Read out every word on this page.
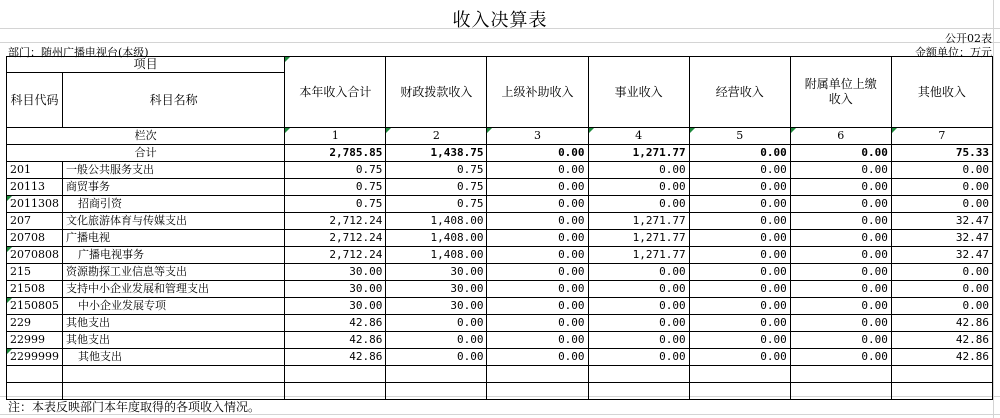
收入决算表
公开02表
部门：随州广播电视台(本级)	金额单位：万元
项目		本年收入合计	财政拨款收入	上级补助收入	事业收入	经营收入	附属单位上缴收入	其他收入
科目代码	科目名称							
栏次		1	2	3	4	5	6	7
合计		2,785.85	1,438.75	0.00	1,271.77	0.00	0.00	75.33
201	一般公共服务支出	0.75	0.75	0.00	0.00	0.00	0.00	0.00
20113	商贸事务	0.75	0.75	0.00	0.00	0.00	0.00	0.00
2011308	招商引资	0.75	0.75	0.00	0.00	0.00	0.00	0.00
207	文化旅游体育与传媒支出	2,712.24	1,408.00	0.00	1,271.77	0.00	0.00	32.47
20708	广播电视	2,712.24	1,408.00	0.00	1,271.77	0.00	0.00	32.47
2070808	广播电视事务	2,712.24	1,408.00	0.00	1,271.77	0.00	0.00	32.47
215	资源勘探工业信息等支出	30.00	30.00	0.00	0.00	0.00	0.00	0.00
21508	支持中小企业发展和管理支出	30.00	30.00	0.00	0.00	0.00	0.00	0.00
2150805	中小企业发展专项	30.00	30.00	0.00	0.00	0.00	0.00	0.00
229	其他支出	42.86	0.00	0.00	0.00	0.00	0.00	42.86
22999	其他支出	42.86	0.00	0.00	0.00	0.00	0.00	42.86
2299999	其他支出	42.86	0.00	0.00	0.00	0.00	0.00	42.86

注：本表反映部门本年度取得的各项收入情况。
